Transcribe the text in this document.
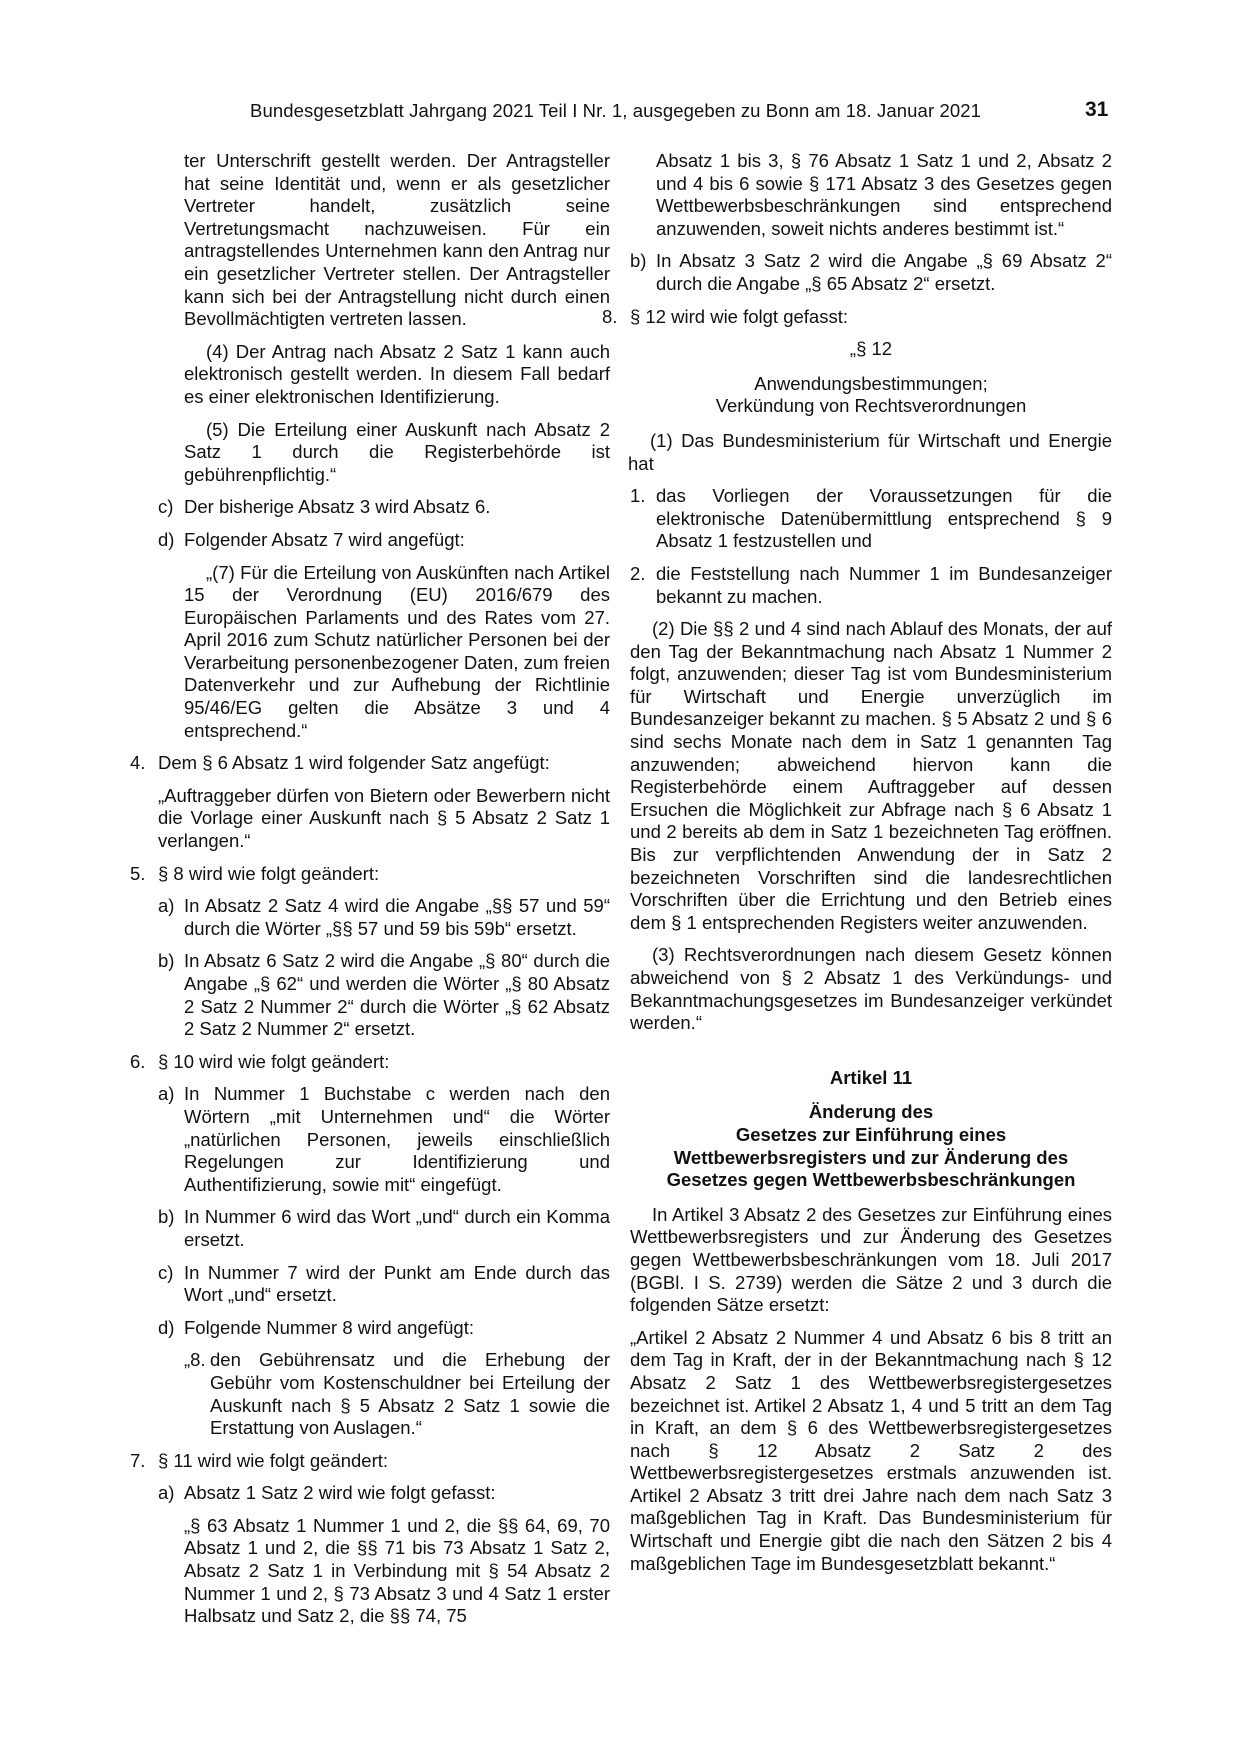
Bundesgesetzblatt Jahrgang 2021 Teil I Nr. 1, ausgegeben zu Bonn am 18. Januar 2021	31

ter Unterschrift gestellt werden. Der Antragsteller hat seine Identität und, wenn er als gesetzlicher Vertreter handelt, zusätzlich seine Vertretungsmacht nachzuweisen. Für ein antragstellendes Unternehmen kann den Antrag nur ein gesetzlicher Vertreter stellen. Der Antragsteller kann sich bei der Antragstellung nicht durch einen Bevollmächtigten vertreten lassen.

(4) Der Antrag nach Absatz 2 Satz 1 kann auch elektronisch gestellt werden. In diesem Fall bedarf es einer elektronischen Identifizierung.

(5) Die Erteilung einer Auskunft nach Absatz 2 Satz 1 durch die Registerbehörde ist gebührenpflichtig.“

c) Der bisherige Absatz 3 wird Absatz 6.
d) Folgender Absatz 7 wird angefügt:

„(7) Für die Erteilung von Auskünften nach Artikel 15 der Verordnung (EU) 2016/679 des Europäischen Parlaments und des Rates vom 27. April 2016 zum Schutz natürlicher Personen bei der Verarbeitung personenbezogener Daten, zum freien Datenverkehr und zur Aufhebung der Richtlinie 95/46/EG gelten die Absätze 3 und 4 entsprechend.“

4. Dem § 6 Absatz 1 wird folgender Satz angefügt:

„Auftraggeber dürfen von Bietern oder Bewerbern nicht die Vorlage einer Auskunft nach § 5 Absatz 2 Satz 1 verlangen.“

5. § 8 wird wie folgt geändert:
a) In Absatz 2 Satz 4 wird die Angabe „§§ 57 und 59“ durch die Wörter „§§ 57 und 59 bis 59b“ ersetzt.
b) In Absatz 6 Satz 2 wird die Angabe „§ 80“ durch die Angabe „§ 62“ und werden die Wörter „§ 80 Absatz 2 Satz 2 Nummer 2“ durch die Wörter „§ 62 Absatz 2 Satz 2 Nummer 2“ ersetzt.
6. § 10 wird wie folgt geändert:
a) In Nummer 1 Buchstabe c werden nach den Wörtern „mit Unternehmen und“ die Wörter „natürlichen Personen, jeweils einschließlich Regelungen zur Identifizierung und Authentifizierung, sowie mit“ eingefügt.
b) In Nummer 6 wird das Wort „und“ durch ein Komma ersetzt.
c) In Nummer 7 wird der Punkt am Ende durch das Wort „und“ ersetzt.
d) Folgende Nummer 8 wird angefügt:
„8. den Gebührensatz und die Erhebung der Gebühr vom Kostenschuldner bei Erteilung der Auskunft nach § 5 Absatz 2 Satz 1 sowie die Erstattung von Auslagen.“
7. § 11 wird wie folgt geändert:
a) Absatz 1 Satz 2 wird wie folgt gefasst:

„§ 63 Absatz 1 Nummer 1 und 2, die §§ 64, 69, 70 Absatz 1 und 2, die §§ 71 bis 73 Absatz 1 Satz 2, Absatz 2 Satz 1 in Verbindung mit § 54 Absatz 2 Nummer 1 und 2, § 73 Absatz 3 und 4 Satz 1 erster Halbsatz und Satz 2, die §§ 74, 75

Absatz 1 bis 3, § 76 Absatz 1 Satz 1 und 2, Absatz 2 und 4 bis 6 sowie § 171 Absatz 3 des Gesetzes gegen Wettbewerbsbeschränkungen sind entsprechend anzuwenden, soweit nichts anderes bestimmt ist.“

b) In Absatz 3 Satz 2 wird die Angabe „§ 69 Absatz 2“ durch die Angabe „§ 65 Absatz 2“ ersetzt.
8. § 12 wird wie folgt gefasst:
„§ 12
Anwendungsbestimmungen;
Verkündung von Rechtsverordnungen

(1) Das Bundesministerium für Wirtschaft und Energie hat

1. das Vorliegen der Voraussetzungen für die elektronische Datenübermittlung entsprechend § 9 Absatz 1 festzustellen und
2. die Feststellung nach Nummer 1 im Bundesanzeiger bekannt zu machen.

(2) Die §§ 2 und 4 sind nach Ablauf des Monats, der auf den Tag der Bekanntmachung nach Absatz 1 Nummer 2 folgt, anzuwenden; dieser Tag ist vom Bundesministerium für Wirtschaft und Energie unverzüglich im Bundesanzeiger bekannt zu machen. § 5 Absatz 2 und § 6 sind sechs Monate nach dem in Satz 1 genannten Tag anzuwenden; abweichend hiervon kann die Registerbehörde einem Auftraggeber auf dessen Ersuchen die Möglichkeit zur Abfrage nach § 6 Absatz 1 und 2 bereits ab dem in Satz 1 bezeichneten Tag eröffnen. Bis zur verpflichtenden Anwendung der in Satz 2 bezeichneten Vorschriften sind die landesrechtlichen Vorschriften über die Errichtung und den Betrieb eines dem § 1 entsprechenden Registers weiter anzuwenden.

(3) Rechtsverordnungen nach diesem Gesetz können abweichend von § 2 Absatz 1 des Verkündungs- und Bekanntmachungsgesetzes im Bundesanzeiger verkündet werden.“

Artikel 11
Änderung des
Gesetzes zur Einführung eines
Wettbewerbsregisters und zur Änderung des
Gesetzes gegen Wettbewerbsbeschränkungen

In Artikel 3 Absatz 2 des Gesetzes zur Einführung eines Wettbewerbsregisters und zur Änderung des Gesetzes gegen Wettbewerbsbeschränkungen vom 18. Juli 2017 (BGBl. I S. 2739) werden die Sätze 2 und 3 durch die folgenden Sätze ersetzt:

„Artikel 2 Absatz 2 Nummer 4 und Absatz 6 bis 8 tritt an dem Tag in Kraft, der in der Bekanntmachung nach § 12 Absatz 2 Satz 1 des Wettbewerbsregistergesetzes bezeichnet ist. Artikel 2 Absatz 1, 4 und 5 tritt an dem Tag in Kraft, an dem § 6 des Wettbewerbsregistergesetzes nach § 12 Absatz 2 Satz 2 des Wettbewerbsregistergesetzes erstmals anzuwenden ist. Artikel 2 Absatz 3 tritt drei Jahre nach dem nach Satz 3 maßgeblichen Tag in Kraft. Das Bundesministerium für Wirtschaft und Energie gibt die nach den Sätzen 2 bis 4 maßgeblichen Tage im Bundesgesetzblatt bekannt.“
